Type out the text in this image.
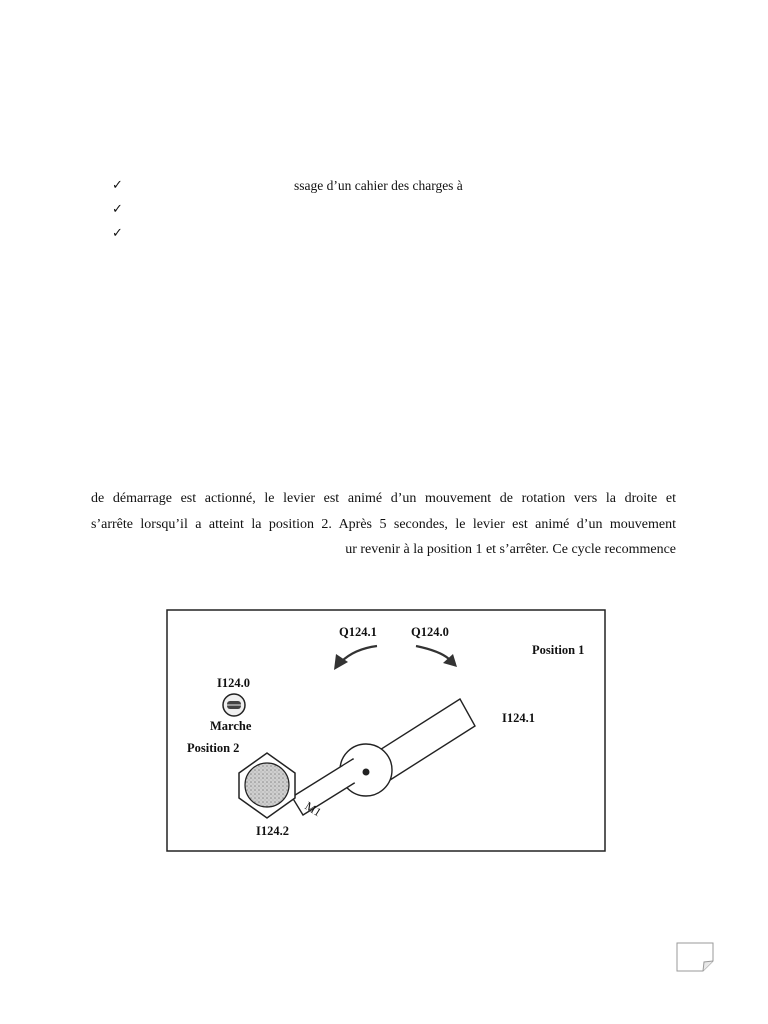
✓	ssage d’un cahier des charges à
✓
✓
de démarrage est actionné, le levier est animé d’un mouvement de rotation vers la droite et
s’arrête lorsqu’il a atteint la position 2. Après 5 secondes, le levier est animé d’un mouvement
ur revenir à la position 1 et s’arrêter. Ce cycle recommence
Q124.1	Q124.0
Position 1
I124.0
Marche
Position 2
I124.1
I124.2
M1
